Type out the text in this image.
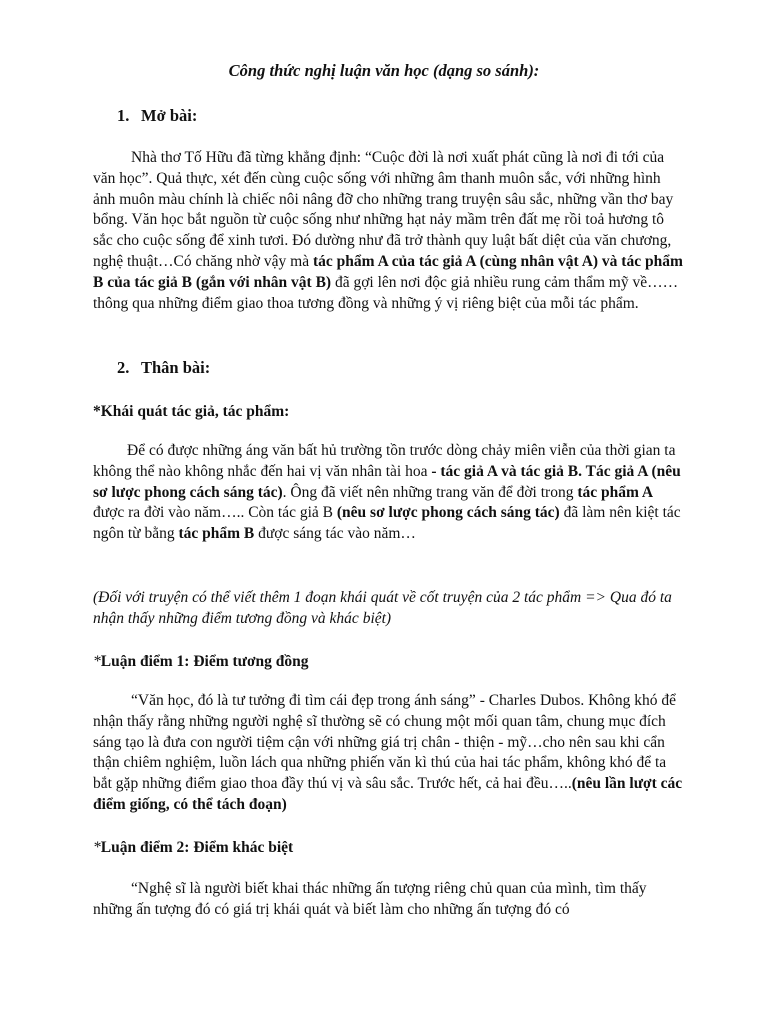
Công thức nghị luận văn học (dạng so sánh):
1. Mở bài:
Nhà thơ Tố Hữu đã từng khẳng định: “Cuộc đời là nơi xuất phát cũng là nơi đi tới của văn học”. Quả thực, xét đến cùng cuộc sống với những âm thanh muôn sắc, với những hình ảnh muôn màu chính là chiếc nôi nâng đỡ cho những trang truyện sâu sắc, những vần thơ bay bổng. Văn học bắt nguồn từ cuộc sống như những hạt nảy mầm trên đất mẹ rồi toả hương tô sắc cho cuộc sống để xinh tươi. Đó dường như đã trở thành quy luật bất diệt của văn chương, nghệ thuật…Có chăng nhờ vậy mà tác phẩm A của tác giả A (cùng nhân vật A) và tác phẩm B của tác giả B (gắn với nhân vật B) đã gợi lên nơi độc giả nhiều rung cảm thẩm mỹ về……thông qua những điểm giao thoa tương đồng và những ý vị riêng biệt của mỗi tác phẩm.
2. Thân bài:
*Khái quát tác giả, tác phẩm:
Để có được những áng văn bất hủ trường tồn trước dòng chảy miên viễn của thời gian ta không thể nào không nhắc đến hai vị văn nhân tài hoa - tác giả A và tác giả B. Tác giả A (nêu sơ lược phong cách sáng tác). Ông đã viết nên những trang văn để đời trong tác phẩm A được ra đời vào năm….. Còn tác giả B (nêu sơ lược phong cách sáng tác) đã làm nên kiệt tác ngôn từ bằng tác phẩm B được sáng tác vào năm…
(Đối với truyện có thể viết thêm 1 đoạn khái quát về cốt truyện của 2 tác phẩm => Qua đó ta nhận thấy những điểm tương đồng và khác biệt)
*Luận điểm 1: Điểm tương đồng
“Văn học, đó là tư tưởng đi tìm cái đẹp trong ánh sáng” - Charles Dubos. Không khó để nhận thấy rằng những người nghệ sĩ thường sẽ có chung một mối quan tâm, chung mục đích sáng tạo là đưa con người tiệm cận với những giá trị chân - thiện - mỹ…cho nên sau khi cẩn thận chiêm nghiệm, luồn lách qua những phiến văn kì thú của hai tác phẩm, không khó để ta bắt gặp những điểm giao thoa đầy thú vị và sâu sắc. Trước hết, cả hai đều…..(nêu lần lượt các điểm giống, có thể tách đoạn)
*Luận điểm 2: Điểm khác biệt
“Nghệ sĩ là người biết khai thác những ấn tượng riêng chủ quan của mình, tìm thấy những ấn tượng đó có giá trị khái quát và biết làm cho những ấn tượng đó có
